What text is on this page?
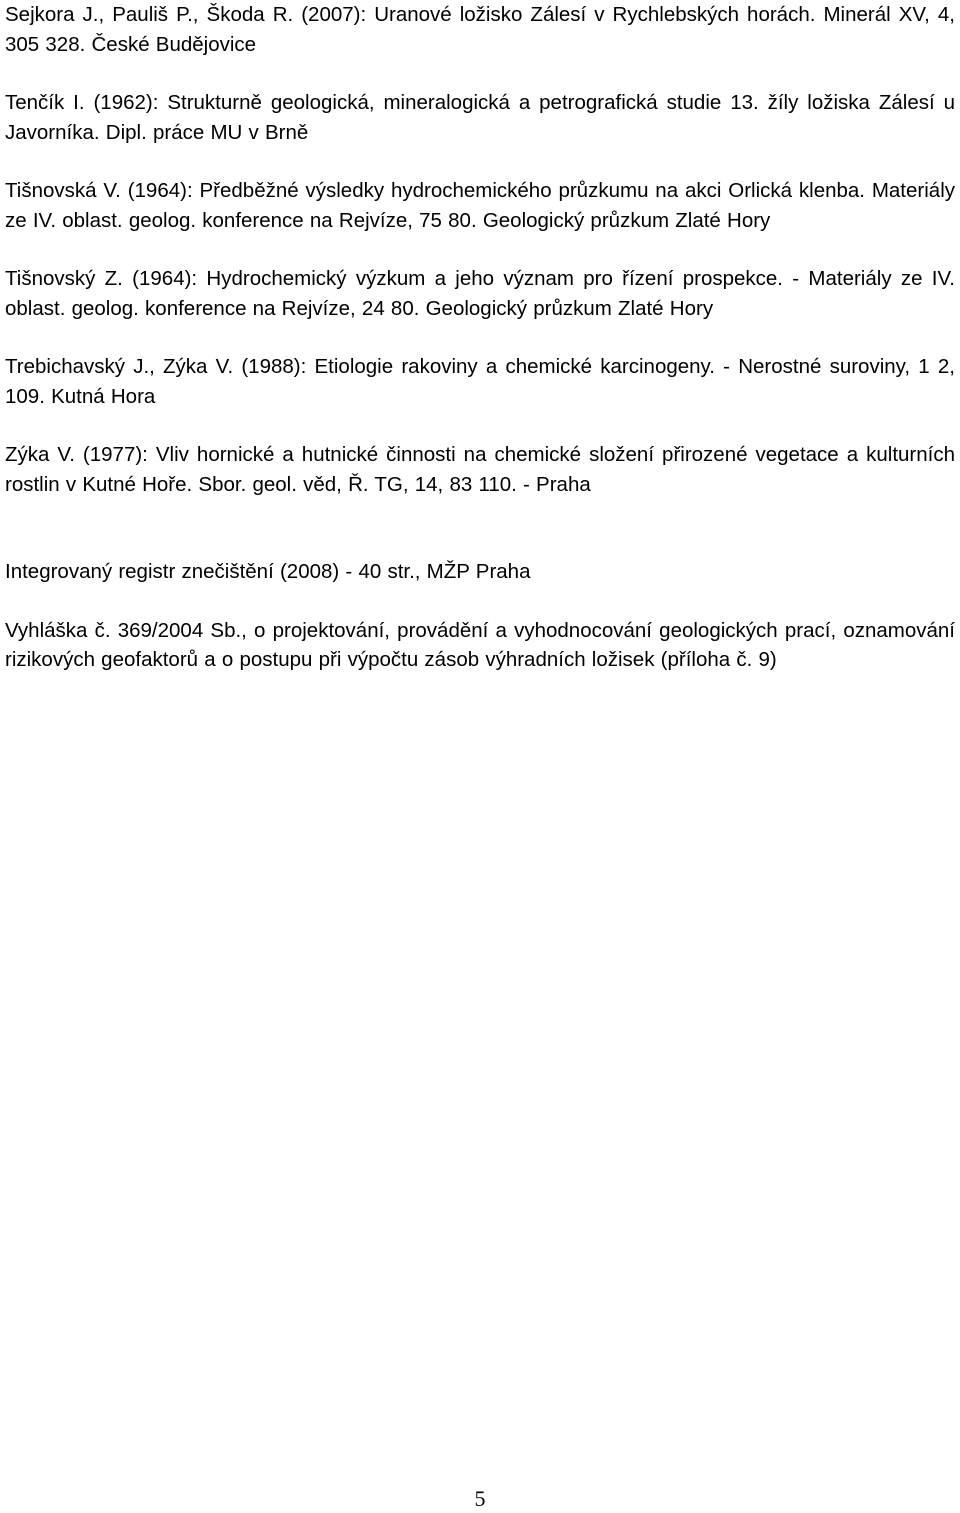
Sejkora J., Pauliš P., Škoda R. (2007): Uranové ložisko Zálesí v Rychlebských horách. Minerál XV, 4, 305 328. České Budějovice

Tenčík I. (1962): Strukturně geologická, mineralogická a petrografická studie 13. žíly ložiska Zálesí u Javorníka. Dipl. práce MU v Brně

Tišnovská V. (1964): Předběžné výsledky hydrochemického průzkumu na akci Orlická klenba. Materiály ze IV. oblast. geolog. konference na Rejvíze, 75 80. Geologický průzkum Zlaté Hory

Tišnovský Z. (1964): Hydrochemický výzkum a jeho význam pro řízení prospekce. - Materiály ze IV. oblast. geolog. konference na Rejvíze, 24 80. Geologický průzkum Zlaté Hory

Trebichavský J., Zýka V. (1988): Etiologie rakoviny a chemické karcinogeny. - Nerostné suroviny, 1 2, 109. Kutná Hora

Zýka V. (1977): Vliv hornické a hutnické činnosti na chemické složení přirozené vegetace a kulturních rostlin v Kutné Hoře. Sbor. geol. věd, Ř. TG, 14, 83 110. - Praha

Integrovaný registr znečištění (2008) - 40 str., MŽP Praha

Vyhláška č. 369/2004 Sb., o projektování, provádění a vyhodnocování geologických prací, oznamování rizikových geofaktorů a o postupu při výpočtu zásob výhradních ložisek (příloha č. 9)

5
